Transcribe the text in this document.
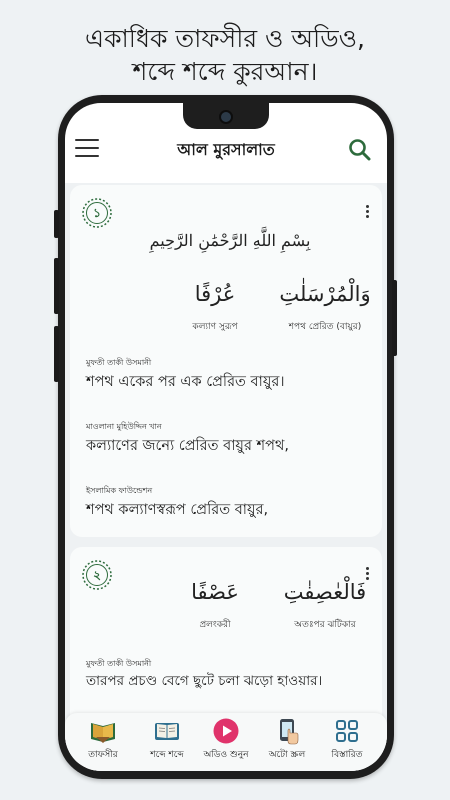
একাধিক তাফসীর ও অডিও,
শব্দে শব্দে কুরআন।
আল মুরসালাত
১
بِسْمِ اللَّهِ الرَّحْمَٰنِ الرَّحِيمِ
وَالْمُرْسَلٰتِ
শপথ প্রেরিত (বায়ুর)
عُرْفًا
কল্যাণ সুরূপ
মুফতী তাকী উসমানী
শপথ একের পর এক প্রেরিত বায়ুর।
মাওলানা মুহিউদ্দিন খান
কল্যাণের জন্যে প্রেরিত বায়ুর শপথ,
ইসলামিক ফাউন্ডেশন
শপথ কল্যাণস্বরূপ প্রেরিত বায়ুর,
২
فَالْعٰصِفٰتِ
অতঃপর ঝটিকার
عَصْفًا
প্রলংকরী
মুফতী তাকী উসমানী
তারপর প্রচণ্ড বেগে ছুটে চলা ঝড়ো হাওয়ার।
তাফসীর	শব্দে শব্দে	অডিও শুনুন	অটো স্ক্রল	বিস্তারিত
